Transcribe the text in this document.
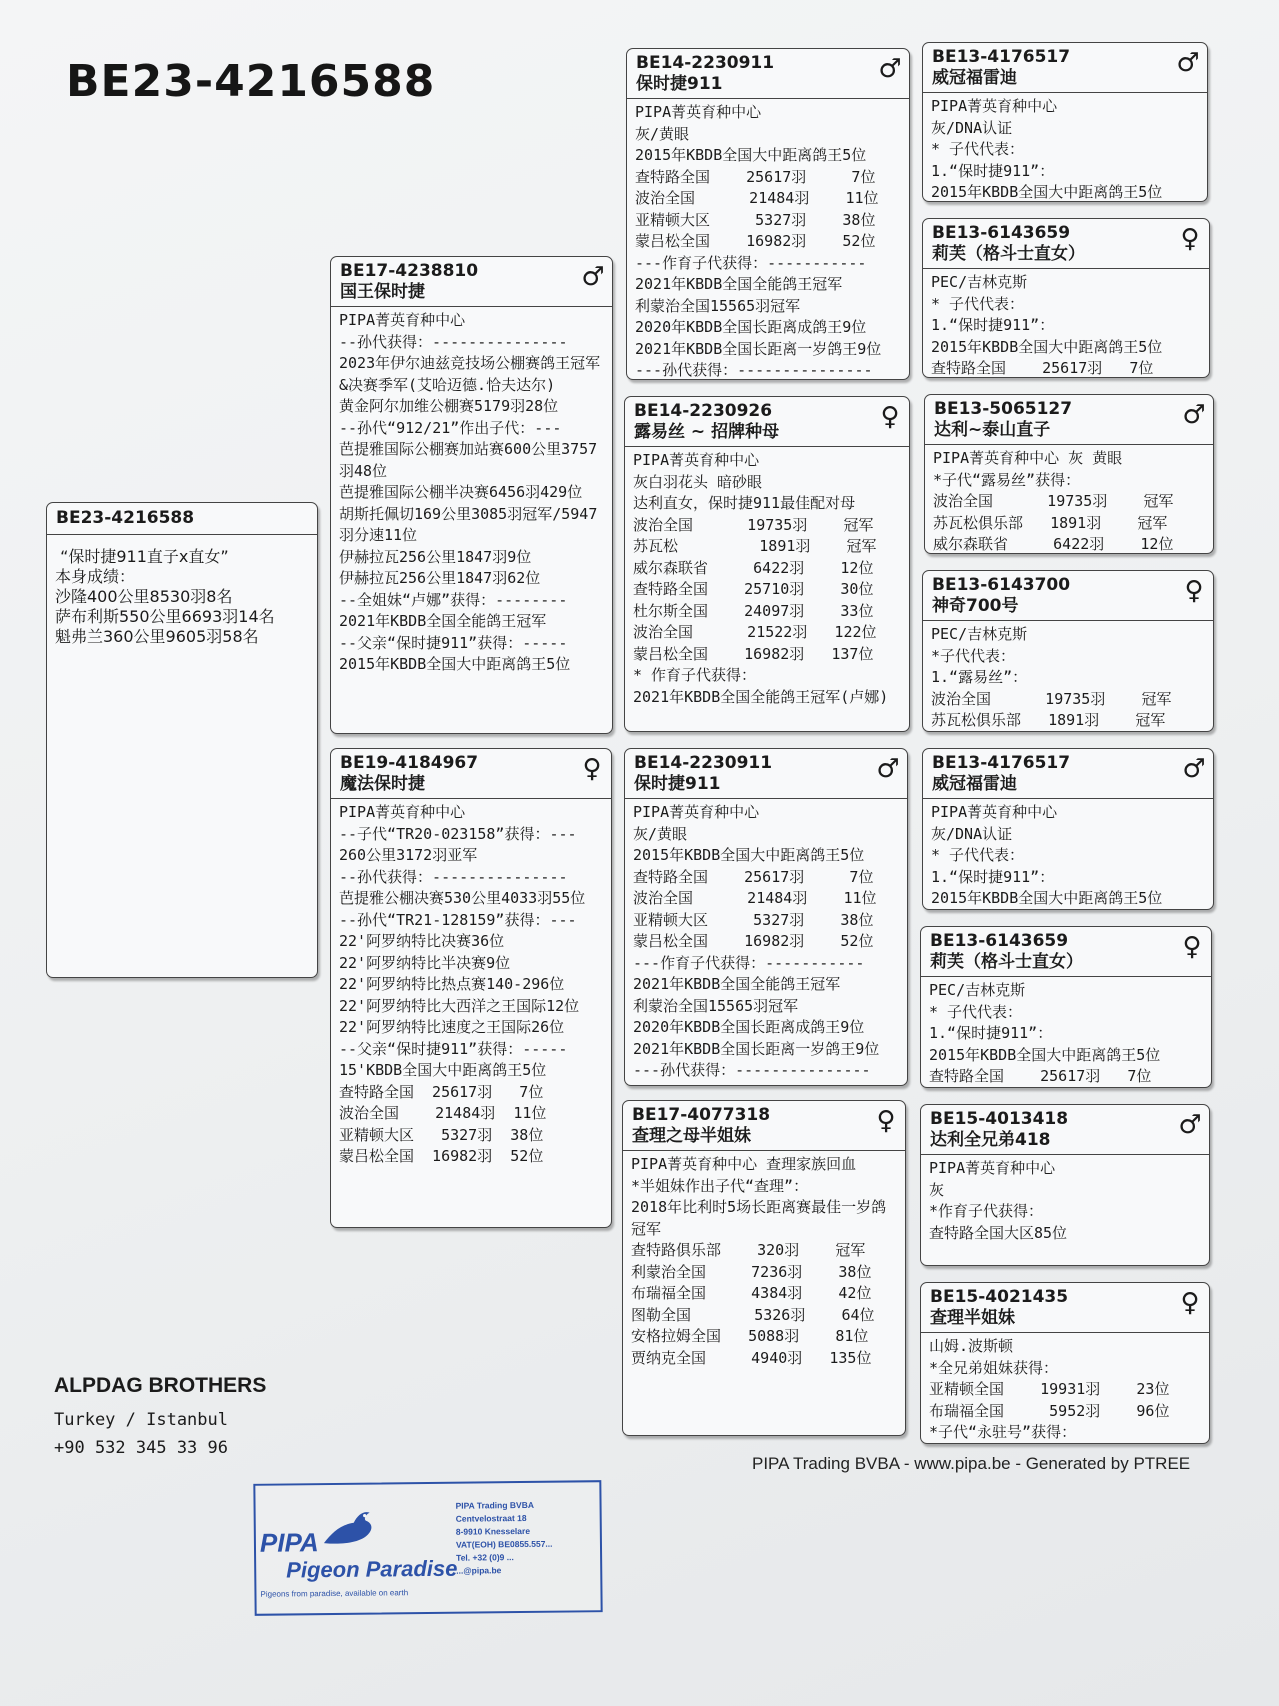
BE23-4216588
BE23-4216588
“保时捷911直子x直女”
本身成绩：
沙隆400公里8530羽8名
萨布利斯550公里6693羽14名
魁弗兰360公里9605羽58名
BE17-4238810
国王保时捷	♂
PIPA菁英育种中心
--孙代获得：---------------
2023年伊尔迪兹竞技场公棚赛鸽王冠军&决赛季军(艾哈迈德.恰夫达尔)
黄金阿尔加维公棚赛5179羽28位
--孙代“912/21”作出子代：---
芭提雅国际公棚赛加站赛600公里3757羽48位
芭提雅国际公棚半决赛6456羽429位
胡斯托佩切169公里3085羽冠军/5947羽分速11位
伊赫拉瓦256公里1847羽9位
伊赫拉瓦256公里1847羽62位
--全姐妹“卢娜”获得：--------
2021年KBDB全国全能鸽王冠军
--父亲“保时捷911”获得：-----
2015年KBDB全国大中距离鸽王5位
BE19-4184967
魔法保时捷	♀
PIPA菁英育种中心
--子代“TR20-023158”获得：---
260公里3172羽亚军
--孙代获得：---------------
芭提雅公棚决赛530公里4033羽55位
--孙代“TR21-128159”获得：---
22'阿罗纳特比决赛36位
22'阿罗纳特比半决赛9位
22'阿罗纳特比热点赛140-296位
22'阿罗纳特比大西洋之王国际12位
22'阿罗纳特比速度之王国际26位
--父亲“保时捷911”获得：-----
15'KBDB全国大中距离鸽王5位
查特路全国  25617羽   7位
波治全国    21484羽  11位
亚精顿大区   5327羽  38位
蒙吕松全国  16982羽  52位
BE14-2230911
保时捷911	♂
PIPA菁英育种中心
灰/黄眼
2015年KBDB全国大中距离鸽王5位
查特路全国    25617羽     7位
波治全国      21484羽    11位
亚精顿大区     5327羽    38位
蒙吕松全国    16982羽    52位
---作育子代获得：-----------
2021年KBDB全国全能鸽王冠军
利蒙治全国15565羽冠军
2020年KBDB全国长距离成鸽王9位
2021年KBDB全国长距离一岁鸽王9位
---孙代获得：---------------
BE14-2230926
露易丝 ~ 招牌种母	♀
PIPA菁英育种中心
灰白羽花头 暗砂眼
达利直女，保时捷911最佳配对母
波治全国      19735羽    冠军
苏瓦松         1891羽    冠军
威尔森联省     6422羽    12位
查特路全国    25710羽    30位
杜尔斯全国    24097羽    33位
波治全国      21522羽   122位
蒙吕松全国    16982羽   137位
* 作育子代获得：
2021年KBDB全国全能鸽王冠军(卢娜)
BE14-2230911
保时捷911	♂
PIPA菁英育种中心
灰/黄眼
2015年KBDB全国大中距离鸽王5位
查特路全国    25617羽     7位
波治全国      21484羽    11位
亚精顿大区     5327羽    38位
蒙吕松全国    16982羽    52位
---作育子代获得：-----------
2021年KBDB全国全能鸽王冠军
利蒙治全国15565羽冠军
2020年KBDB全国长距离成鸽王9位
2021年KBDB全国长距离一岁鸽王9位
---孙代获得：---------------
BE17-4077318
查理之母半姐妹	♀
PIPA菁英育种中心 查理家族回血
*半姐妹作出子代“查理”：
2018年比利时5场长距离赛最佳一岁鸽冠军
查特路俱乐部    320羽    冠军
利蒙治全国     7236羽    38位
布瑞福全国     4384羽    42位
图勒全国       5326羽    64位
安格拉姆全国   5088羽    81位
贾纳克全国     4940羽   135位
BE13-4176517
威冠福雷迪	♂
PIPA菁英育种中心
灰/DNA认证
* 子代代表：
1.“保时捷911”：
2015年KBDB全国大中距离鸽王5位
BE13-6143659
莉芙（格斗士直女）	♀
PEC/吉林克斯
* 子代代表：
1.“保时捷911”：
2015年KBDB全国大中距离鸽王5位
查特路全国    25617羽   7位
BE13-5065127
达利~泰山直子	♂
PIPA菁英育种中心 灰 黄眼
*子代“露易丝”获得：
波治全国      19735羽    冠军
苏瓦松俱乐部   1891羽    冠军
威尔森联省     6422羽    12位
BE13-6143700
神奇700号	♀
PEC/吉林克斯
*子代代表：
1.“露易丝”：
波治全国      19735羽    冠军
苏瓦松俱乐部   1891羽    冠军
BE13-4176517
威冠福雷迪	♂
PIPA菁英育种中心
灰/DNA认证
* 子代代表：
1.“保时捷911”：
2015年KBDB全国大中距离鸽王5位
BE13-6143659
莉芙（格斗士直女）	♀
PEC/吉林克斯
* 子代代表：
1.“保时捷911”：
2015年KBDB全国大中距离鸽王5位
查特路全国    25617羽   7位
BE15-4013418
达利全兄弟418	♂
PIPA菁英育种中心
灰
*作育子代获得：
查特路全国大区85位
BE15-4021435
查理半姐妹	♀
山姆.波斯顿
*全兄弟姐妹获得：
亚精顿全国    19931羽    23位
布瑞福全国     5952羽    96位
*子代“永驻号”获得：
ALPDAG BROTHERS
Turkey / Istanbul
+90 532 345 33 96
PIPA Trading BVBA - www.pipa.be - Generated by PTREE
PIPA
Pigeon Paradise
Pigeons from paradise, available on earth
PIPA Trading BVBA
Centvelostraat 18
8-9910 Knesselare
VAT(EOH) BE0855.557...
Tel. +32 (0)9 ...
...@pipa.be
